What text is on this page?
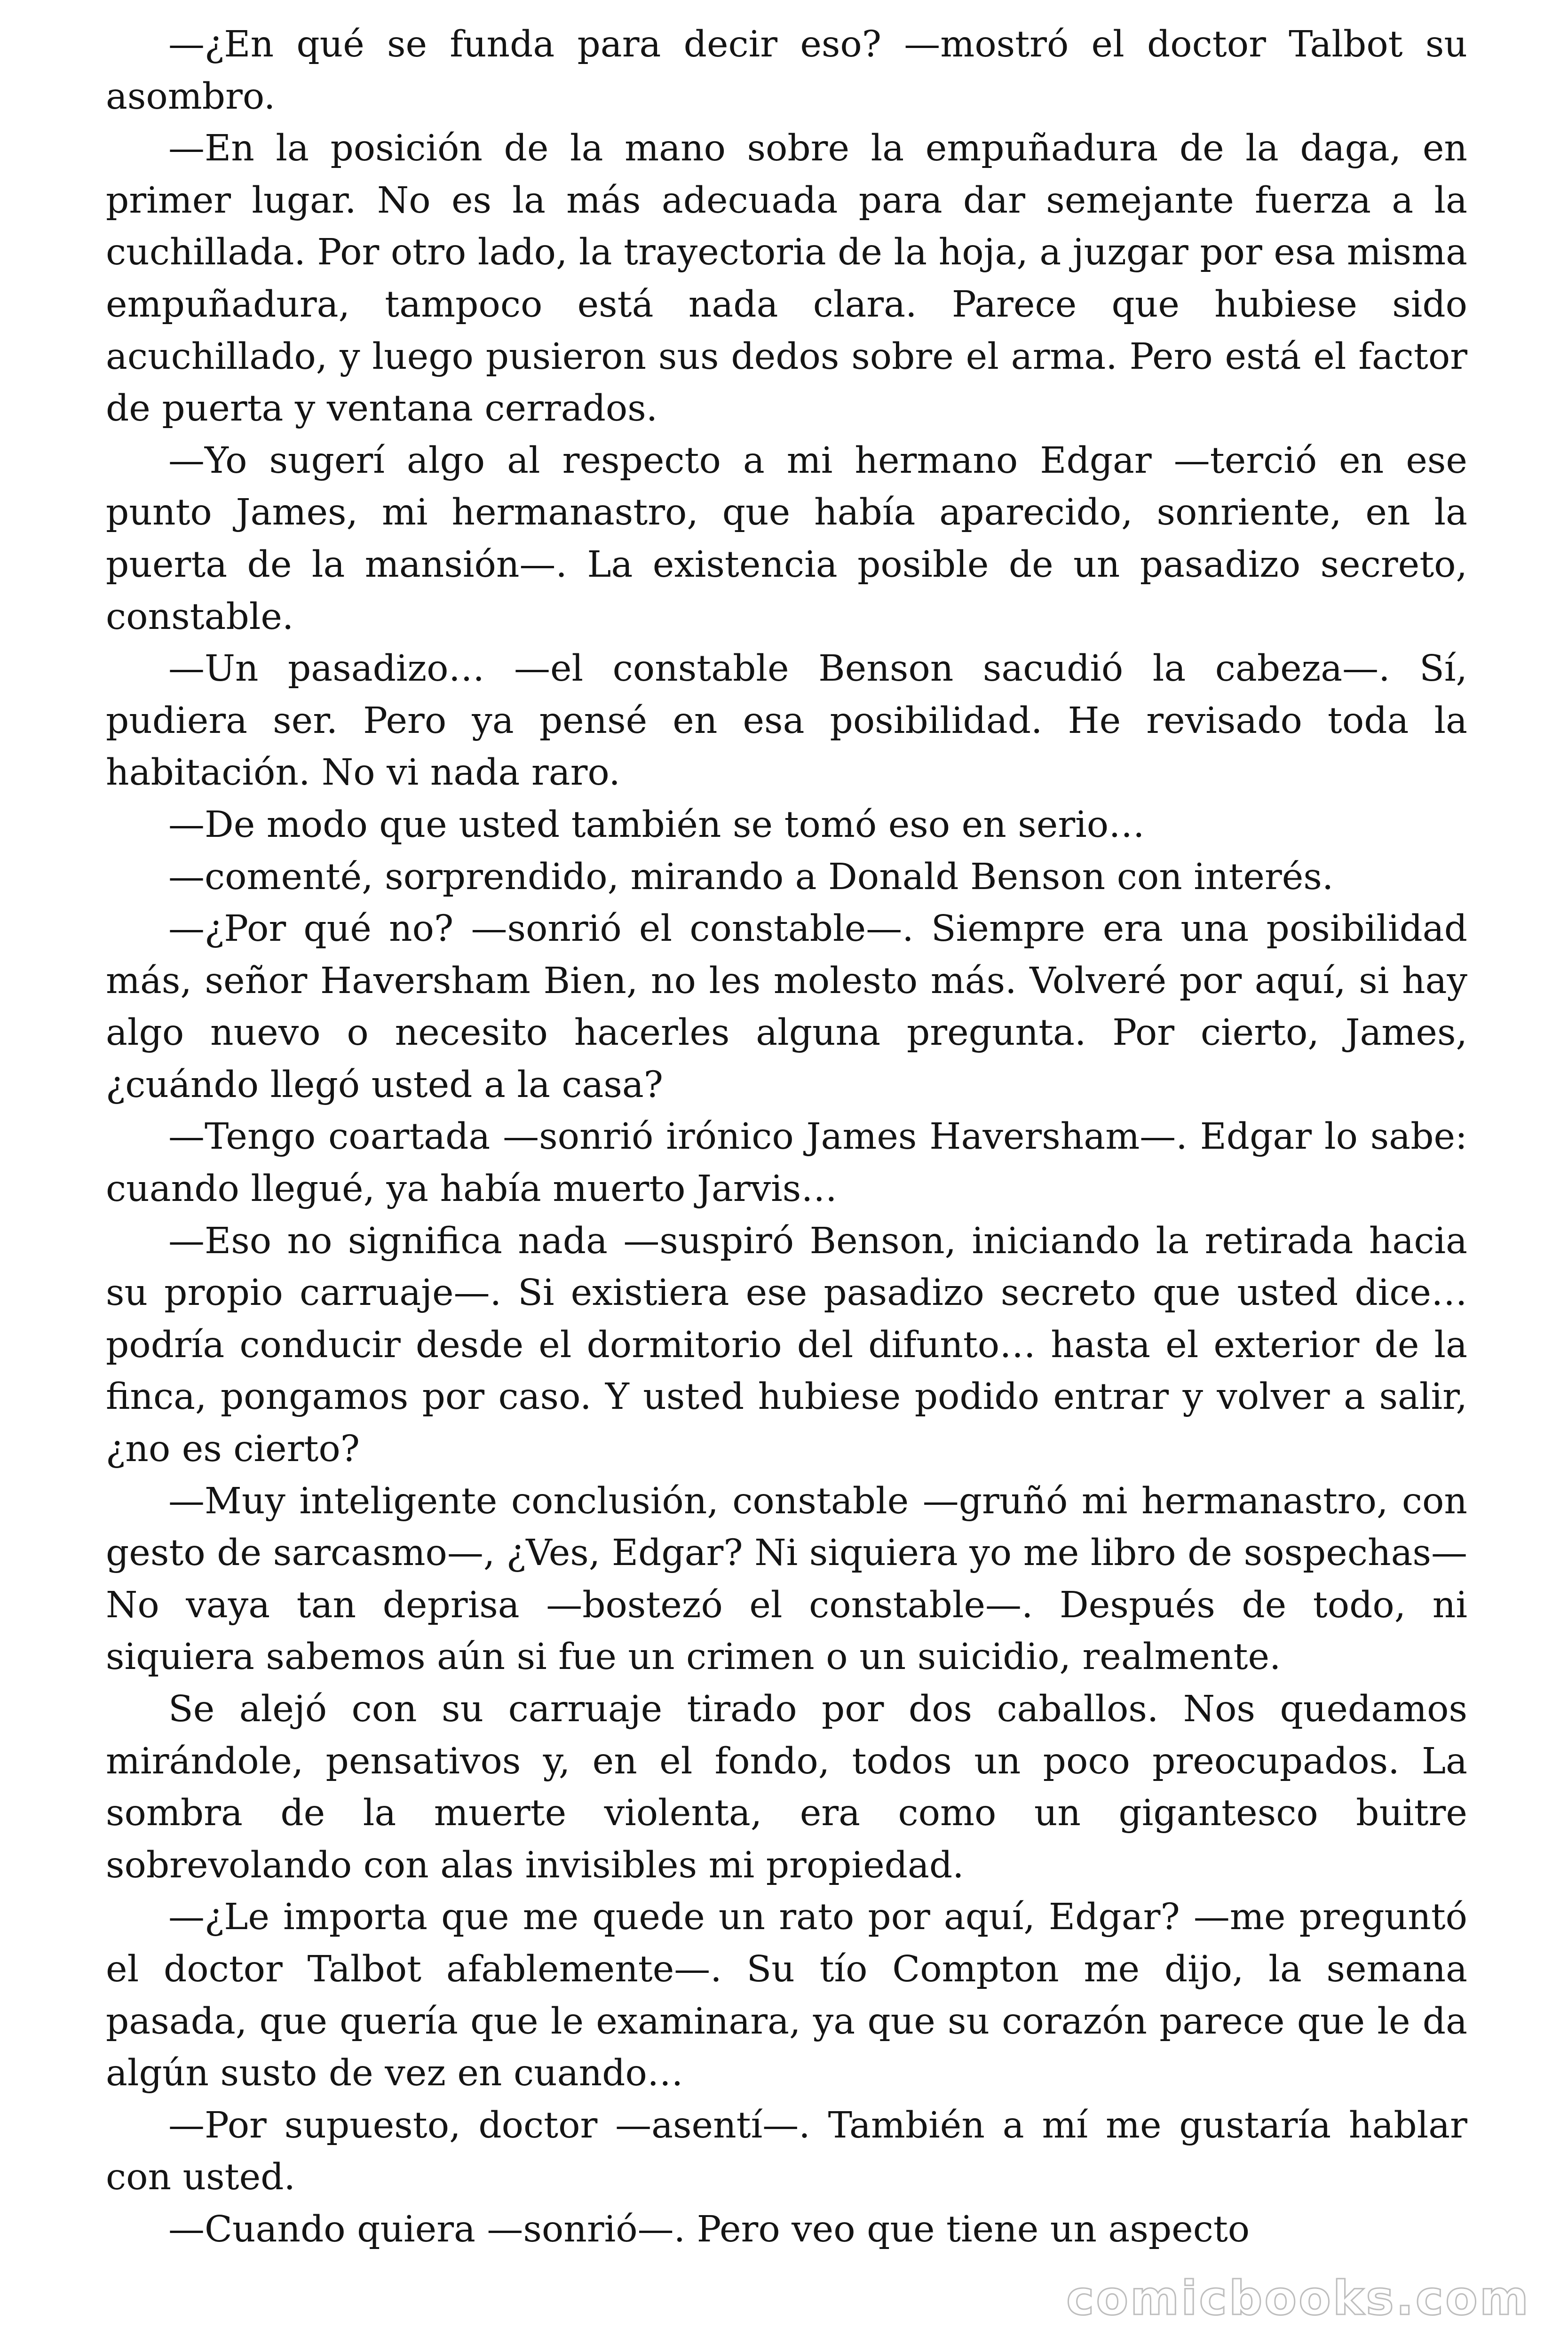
—¿En qué se funda para decir eso? —mostró el doctor Talbot su asombro.

—En la posición de la mano sobre la empuñadura de la daga, en primer lugar. No es la más adecuada para dar semejante fuerza a la cuchillada. Por otro lado, la trayectoria de la hoja, a juzgar por esa misma empuñadura, tampoco está nada clara. Parece que hubiese sido acuchillado, y luego pusieron sus dedos sobre el arma. Pero está el factor de puerta y ventana cerrados.

—Yo sugerí algo al respecto a mi hermano Edgar —terció en ese punto James, mi hermanastro, que había aparecido, sonriente, en la puerta de la mansión—. La existencia posible de un pasadizo secreto, constable.

—Un pasadizo… —el constable Benson sacudió la cabeza—. Sí, pudiera ser. Pero ya pensé en esa posibilidad. He revisado toda la habitación. No vi nada raro.

—De modo que usted también se tomó eso en serio…

—comenté, sorprendido, mirando a Donald Benson con interés.

—¿Por qué no? —sonrió el constable—. Siempre era una posibilidad más, señor Haversham Bien, no les molesto más. Volveré por aquí, si hay algo nuevo o necesito hacerles alguna pregunta. Por cierto, James, ¿cuándo llegó usted a la casa?

—Tengo coartada —sonrió irónico James Haversham—. Edgar lo sabe: cuando llegué, ya había muerto Jarvis…

—Eso no significa nada —suspiró Benson, iniciando la retirada hacia su propio carruaje—. Si existiera ese pasadizo secreto que usted dice… podría conducir desde el dormitorio del difunto… hasta el exterior de la finca, pongamos por caso. Y usted hubiese podido entrar y volver a salir, ¿no es cierto?

—Muy inteligente conclusión, constable —gruñó mi hermanastro, con gesto de sarcasmo—, ¿Ves, Edgar? Ni siquiera yo me libro de sospechas—No vaya tan deprisa —bostezó el constable—. Después de todo, ni siquiera sabemos aún si fue un crimen o un suicidio, realmente.

Se alejó con su carruaje tirado por dos caballos. Nos quedamos mirándole, pensativos y, en el fondo, todos un poco preocupados. La sombra de la muerte violenta, era como un gigantesco buitre sobrevolando con alas invisibles mi propiedad.

—¿Le importa que me quede un rato por aquí, Edgar? —me preguntó el doctor Talbot afablemente—. Su tío Compton me dijo, la semana pasada, que quería que le examinara, ya que su corazón parece que le da algún susto de vez en cuando…

—Por supuesto, doctor —asentí—. También a mí me gustaría hablar con usted.

—Cuando quiera —sonrió—. Pero veo que tiene un aspecto

comicbooks.com
